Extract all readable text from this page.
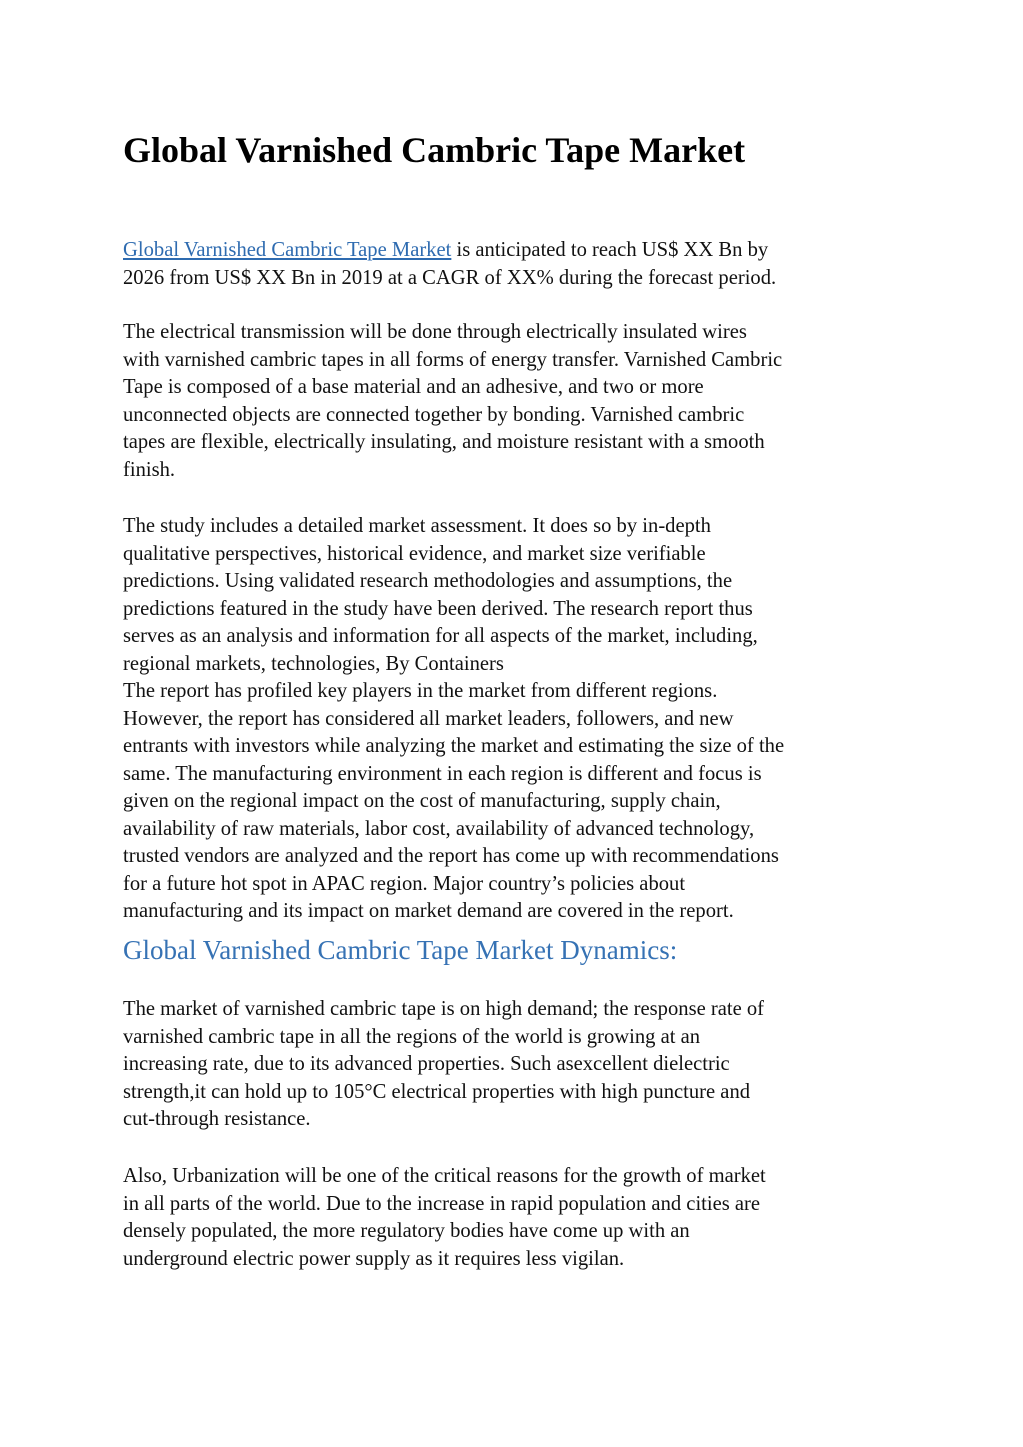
Global Varnished Cambric Tape Market

Global Varnished Cambric Tape Market is anticipated to reach US$ XX Bn by
2026 from US$ XX Bn in 2019 at a CAGR of XX% during the forecast period.

The electrical transmission will be done through electrically insulated wires
with varnished cambric tapes in all forms of energy transfer. Varnished Cambric
Tape is composed of a base material and an adhesive, and two or more
unconnected objects are connected together by bonding. Varnished cambric
tapes are flexible, electrically insulating, and moisture resistant with a smooth
finish.

The study includes a detailed market assessment. It does so by in-depth
qualitative perspectives, historical evidence, and market size verifiable
predictions. Using validated research methodologies and assumptions, the
predictions featured in the study have been derived. The research report thus
serves as an analysis and information for all aspects of the market, including,
regional markets, technologies, By Containers
The report has profiled key players in the market from different regions.
However, the report has considered all market leaders, followers, and new
entrants with investors while analyzing the market and estimating the size of the
same. The manufacturing environment in each region is different and focus is
given on the regional impact on the cost of manufacturing, supply chain,
availability of raw materials, labor cost, availability of advanced technology,
trusted vendors are analyzed and the report has come up with recommendations
for a future hot spot in APAC region. Major country’s policies about
manufacturing and its impact on market demand are covered in the report.

Global Varnished Cambric Tape Market Dynamics:

The market of varnished cambric tape is on high demand; the response rate of
varnished cambric tape in all the regions of the world is growing at an
increasing rate, due to its advanced properties. Such asexcellent dielectric
strength,it can hold up to 105°C electrical properties with high puncture and
cut-through resistance.

Also, Urbanization will be one of the critical reasons for the growth of market
in all parts of the world. Due to the increase in rapid population and cities are
densely populated, the more regulatory bodies have come up with an
underground electric power supply as it requires less vigilan.
